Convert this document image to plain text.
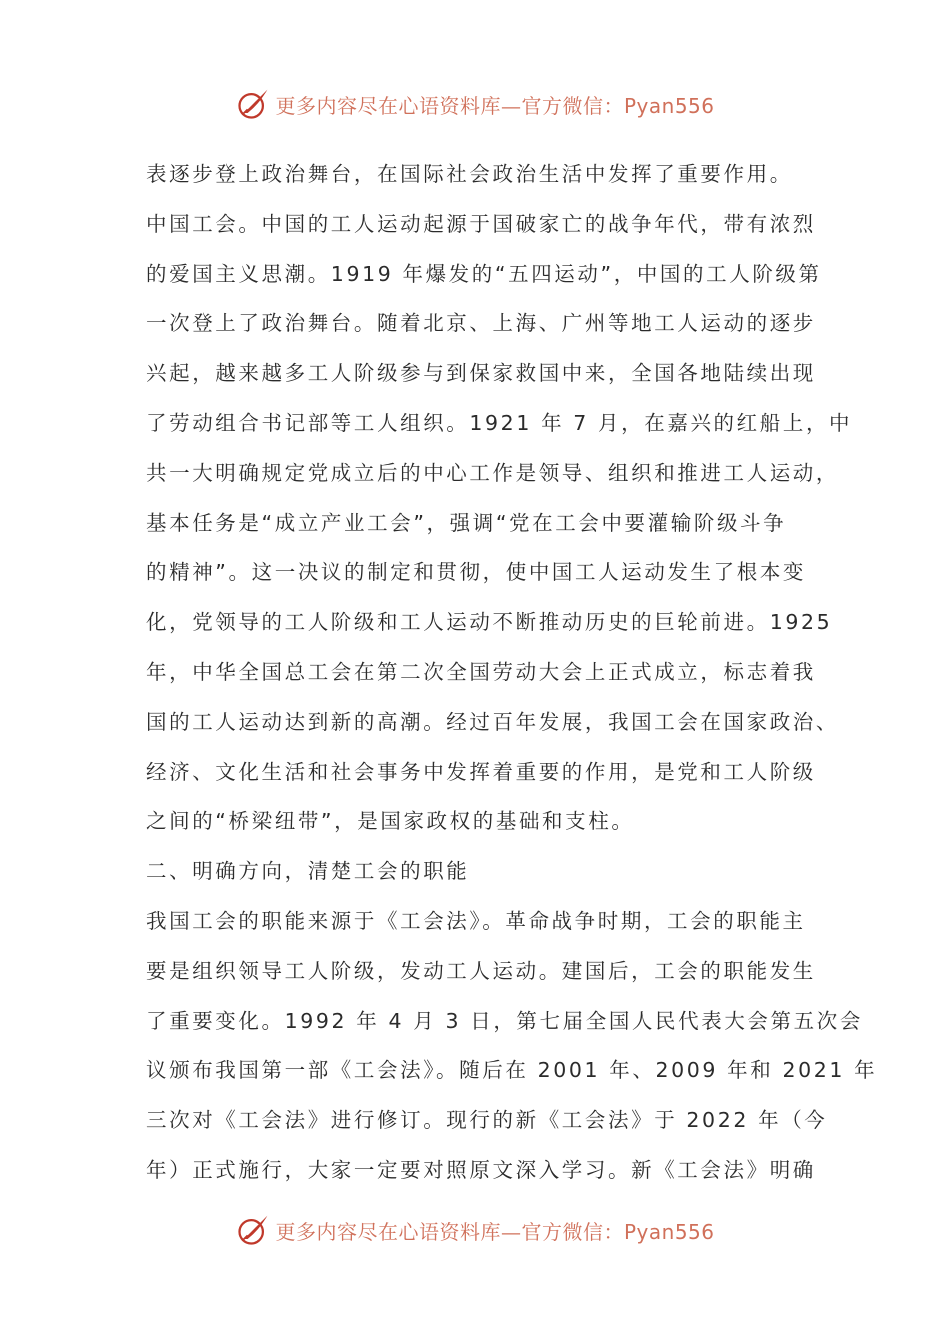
更多内容尽在心语资料库—官方微信：Pyan556
表逐步登上政治舞台，在国际社会政治生活中发挥了重要作用。
中国工会。中国的工人运动起源于国破家亡的战争年代，带有浓烈
的爱国主义思潮。1919 年爆发的“五四运动”，中国的工人阶级第
一次登上了政治舞台。随着北京、上海、广州等地工人运动的逐步
兴起，越来越多工人阶级参与到保家救国中来，全国各地陆续出现
了劳动组合书记部等工人组织。1921 年 7 月，在嘉兴的红船上，中
共一大明确规定党成立后的中心工作是领导、组织和推进工人运动，
基本任务是“成立产业工会”，强调“党在工会中要灌输阶级斗争
的精神”。这一决议的制定和贯彻，使中国工人运动发生了根本变
化，党领导的工人阶级和工人运动不断推动历史的巨轮前进。1925
年，中华全国总工会在第二次全国劳动大会上正式成立，标志着我
国的工人运动达到新的高潮。经过百年发展，我国工会在国家政治、
经济、文化生活和社会事务中发挥着重要的作用，是党和工人阶级
之间的“桥梁纽带”，是国家政权的基础和支柱。
二、明确方向，清楚工会的职能
我国工会的职能来源于《工会法》。革命战争时期，工会的职能主
要是组织领导工人阶级，发动工人运动。建国后，工会的职能发生
了重要变化。1992 年 4 月 3 日，第七届全国人民代表大会第五次会
议颁布我国第一部《工会法》。随后在 2001 年、2009 年和 2021 年
三次对《工会法》进行修订。现行的新《工会法》于 2022 年（今
年）正式施行，大家一定要对照原文深入学习。新《工会法》明确
更多内容尽在心语资料库—官方微信：Pyan556
